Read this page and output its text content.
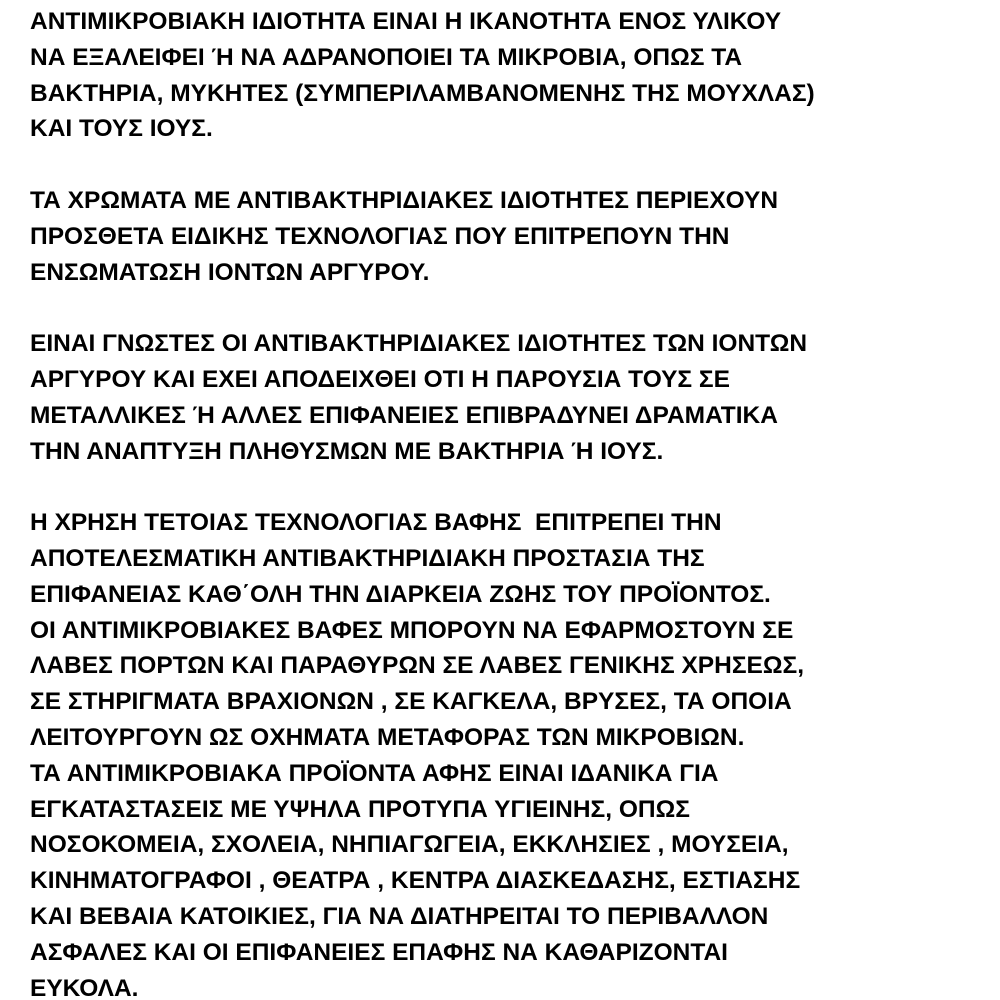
ΑΝΤΙΜΙΚΡΟΒΙΑΚΗ ΙΔΙΟΤΗΤΑ ΕΙΝΑΙ Η ΙΚΑΝΟΤΗΤΑ ΕΝΟΣ ΥΛΙΚΟΥ
ΝΑ ΕΞΑΛΕΙΦΕΙ Ή ΝΑ ΑΔΡΑΝΟΠΟΙΕΙ ΤΑ ΜΙΚΡΟΒΙΑ, ΟΠΩΣ ΤΑ
ΒΑΚΤΗΡΙΑ, ΜΥΚΗΤΕΣ (ΣΥΜΠΕΡΙΛΑΜΒΑΝΟΜΕΝΗΣ ΤΗΣ ΜΟΥΧΛΑΣ)
ΚΑΙ ΤΟΥΣ ΙΟΥΣ.
ΤΑ ΧΡΩΜΑΤΑ ΜΕ ΑΝΤΙΒΑΚΤΗΡΙΔΙΑΚΕΣ ΙΔΙΟΤΗΤΕΣ ΠΕΡΙΕΧΟΥΝ
ΠΡΟΣΘΕΤΑ ΕΙΔΙΚΗΣ ΤΕΧΝΟΛΟΓΙΑΣ ΠΟΥ ΕΠΙΤΡΕΠΟΥΝ ΤΗΝ
ΕΝΣΩΜΑΤΩΣΗ ΙΟΝΤΩΝ ΑΡΓΥΡΟΥ.
ΕΙΝΑΙ ΓΝΩΣΤΕΣ ΟΙ ΑΝΤΙΒΑΚΤΗΡΙΔΙΑΚΕΣ ΙΔΙΟΤΗΤΕΣ ΤΩΝ ΙΟΝΤΩΝ
ΑΡΓΥΡΟΥ ΚΑΙ ΕΧΕΙ ΑΠΟΔΕΙΧΘΕΙ ΟΤΙ Η ΠΑΡΟΥΣΙΑ ΤΟΥΣ ΣΕ
ΜΕΤΑΛΛΙΚΕΣ Ή ΑΛΛΕΣ ΕΠΙΦΑΝΕΙΕΣ ΕΠΙΒΡΑΔΥΝΕΙ ΔΡΑΜΑΤΙΚΑ
ΤΗΝ ΑΝΑΠΤΥΞΗ ΠΛΗΘΥΣΜΩΝ ΜΕ ΒΑΚΤΗΡΙΑ Ή ΙΟΥΣ.
Η ΧΡΗΣΗ ΤΕΤΟΙΑΣ ΤΕΧΝΟΛΟΓΙΑΣ ΒΑΦΗΣ  ΕΠΙΤΡΕΠΕΙ ΤΗΝ
ΑΠΟΤΕΛΕΣΜΑΤΙΚΗ ΑΝΤΙΒΑΚΤΗΡΙΔΙΑΚΗ ΠΡΟΣΤΑΣΙΑ ΤΗΣ
ΕΠΙΦΑΝΕΙΑΣ ΚΑΘ΄ΟΛΗ ΤΗΝ ΔΙΑΡΚΕΙΑ ΖΩΗΣ ΤΟΥ ΠΡΟΪΟΝΤΟΣ.
ΟΙ ΑΝΤΙΜΙΚΡΟΒΙΑΚΕΣ ΒΑΦΕΣ ΜΠΟΡΟΥΝ ΝΑ ΕΦΑΡΜΟΣΤΟΥΝ ΣΕ
ΛΑΒΕΣ ΠΟΡΤΩΝ ΚΑΙ ΠΑΡΑΘΥΡΩΝ ΣΕ ΛΑΒΕΣ ΓΕΝΙΚΗΣ ΧΡΗΣΕΩΣ,
ΣΕ ΣΤΗΡΙΓΜΑΤΑ ΒΡΑΧΙΟΝΩΝ , ΣΕ ΚΑΓΚΕΛΑ, ΒΡΥΣΕΣ, ΤΑ ΟΠΟΙΑ
ΛΕΙΤΟΥΡΓΟΥΝ ΩΣ ΟΧΗΜΑΤΑ ΜΕΤΑΦΟΡΑΣ ΤΩΝ ΜΙΚΡΟΒΙΩΝ.
ΤΑ ΑΝΤΙΜΙΚΡΟΒΙΑΚΑ ΠΡΟΪΟΝΤΑ ΑΦΗΣ ΕΙΝΑΙ ΙΔΑΝΙΚΑ ΓΙΑ
ΕΓΚΑΤΑΣΤΑΣΕΙΣ ΜΕ ΥΨΗΛΑ ΠΡΟΤΥΠΑ ΥΓΙΕΙΝΗΣ, ΟΠΩΣ
ΝΟΣΟΚΟΜΕΙΑ, ΣΧΟΛΕΙΑ, ΝΗΠΙΑΓΩΓΕΙΑ, ΕΚΚΛΗΣΙΕΣ , ΜΟΥΣΕΙΑ,
ΚΙΝΗΜΑΤΟΓΡΑΦΟΙ , ΘΕΑΤΡΑ , ΚΕΝΤΡΑ ΔΙΑΣΚΕΔΑΣΗΣ, ΕΣΤΙΑΣΗΣ
ΚΑΙ ΒΕΒΑΙΑ ΚΑΤΟΙΚΙΕΣ, ΓΙΑ ΝΑ ΔΙΑΤΗΡΕΙΤΑΙ ΤΟ ΠΕΡΙΒΑΛΛΟΝ
ΑΣΦΑΛΕΣ ΚΑΙ ΟΙ ΕΠΙΦΑΝΕΙΕΣ ΕΠΑΦΗΣ ΝΑ ΚΑΘΑΡΙΖΟΝΤΑΙ
ΕΥΚΟΛΑ.
